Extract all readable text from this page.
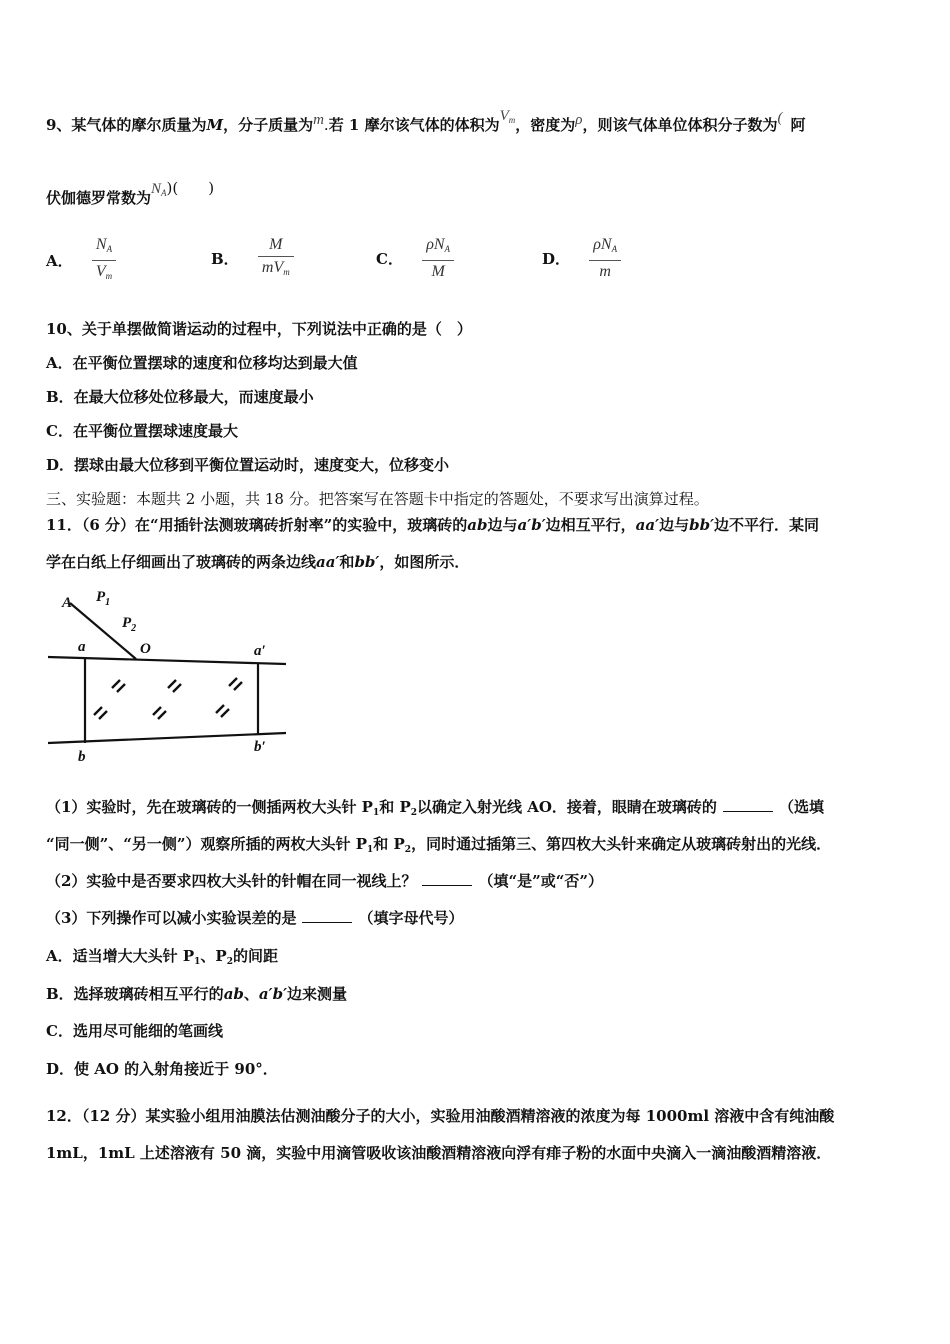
9、某气体的摩尔质量为M，分子质量为m.若 1 摩尔该气体的体积为$V_m$，密度为ρ，则该气体单位体积分子数为( 阿
伏伽德罗常数为$N_A$)(　　)
A． $\frac{N_A}{V_m}$	B． $\frac{M}{mV_m}$	C． $\frac{\rho N_A}{M}$	D． $\frac{\rho N_A}{m}$
10、关于单摆做简谐运动的过程中，下列说法中正确的是（　）
A．在平衡位置摆球的速度和位移均达到最大值
B．在最大位移处位移最大，而速度最小
C．在平衡位置摆球速度最大
D．摆球由最大位移到平衡位置运动时，速度变大，位移变小
三、实验题：本题共 2 小题，共 18 分。把答案写在答题卡中指定的答题处，不要求写出演算过程。
11．（6 分）在“用插针法测玻璃砖折射率”的实验中，玻璃砖的ab边与a′b′边相互平行，aa′边与bb′边不平行．某同
学在白纸上仔细画出了玻璃砖的两条边线aa′和bb′，如图所示．
A $P_1$
$P_2$
O
a	a′
b
b′
（1）实验时，先在玻璃砖的一侧插两枚大头针 $P_1$和 $P_2$以确定入射光线 AO．接着，眼睛在玻璃砖的	（选填
“同一侧”、“另一侧”）观察所插的两枚大头针 $P_1$和 $P_2$，同时通过插第三、第四枚大头针来确定从玻璃砖射出的光线．
（2）实验中是否要求四枚大头针的针帽在同一视线上？	（填“是”或“否”）
（3）下列操作可以减小实验误差的是	（填字母代号）
A．适当增大大头针 $P_1$、$P_2$的间距
B．选择玻璃砖相互平行的ab、a′b′边来测量
C．选用尽可能细的笔画线
D．使 AO 的入射角接近于 90°．
12．（12 分）某实验小组用油膜法估测油酸分子的大小，实验用油酸酒精溶液的浓度为每 1000ml 溶液中含有纯油酸
1mL，1mL 上述溶液有 50 滴，实验中用滴管吸收该油酸酒精溶液向浮有痱子粉的水面中央滴入一滴油酸酒精溶液．
